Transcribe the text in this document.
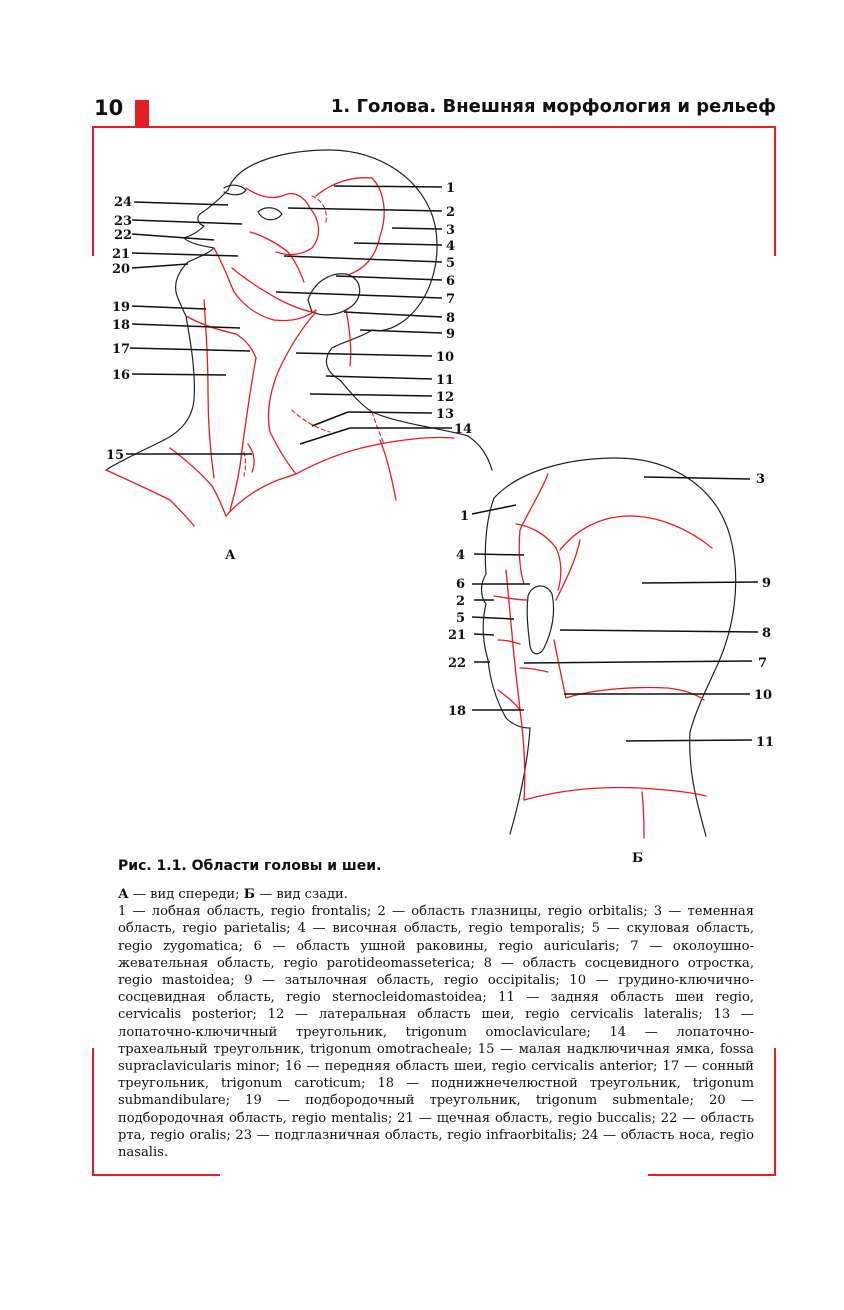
10	1. Голова. Внешняя морфология и рельеф
1
2
3
4
5
6
7
8
9
10
11
12
13
14
15
16
17
18
19
20
21
22
23
24
А
3
1
4
9
6
2
5
8
21
22	7
10
18
11
Б
Рис. 1.1. Области головы и шеи.

А — вид спереди; Б — вид сзади.

1 — лобная область, regio frontalis; 2 — область глазницы, regio orbitalis; 3 — теменная область, regio parietalis; 4 — височная область, regio temporalis; 5 — скуловая область, regio zygomatica; 6 — область ушной раковины, regio auricularis; 7 — околоушно-жевательная область, regio parotideomasseterica; 8 — область сосцевидного отростка, regio mastoidea; 9 — затылочная область, regio occipitalis; 10 — грудино-ключично-сосцевидная область, regio sternocleidomastoidea; 11 — задняя область шеи regio, cervicalis posterior; 12 — латеральная область шеи, regio cervicalis lateralis; 13 — лопаточно-ключичный треугольник, trigonum omoclaviculare; 14 — лопаточно-трахеальный треугольник, trigonum omotracheale; 15 — малая надключичная ямка, fossa supraclavicularis minor; 16 — передняя область шеи, regio cervicalis anterior; 17 — сонный треугольник, trigonum caroticum; 18 — поднижнечелюстной треугольник, trigonum submandibulare; 19 — подбородочный треугольник, trigonum submentale; 20 — подбородочная область, regio mentalis; 21 — щечная область, regio buccalis; 22 — область рта, regio oralis; 23 — подглазничная область, regio infraorbitalis; 24 — область носа, regio nasalis.
